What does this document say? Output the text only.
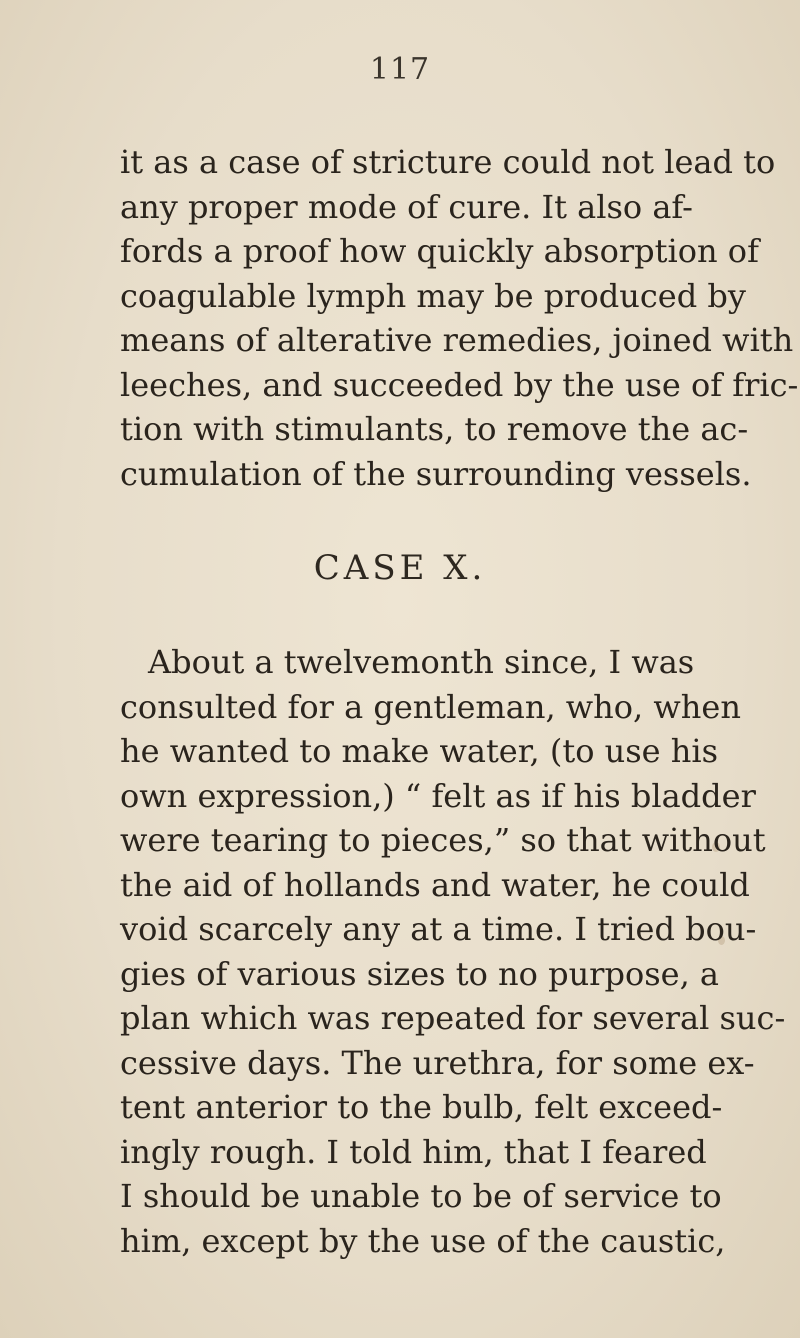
117
it as a case of stricture could not lead to
any proper mode of cure. It also af-
fords a proof how quickly absorption of
coagulable lymph may be produced by
means of alterative remedies, joined with
leeches, and succeeded by the use of fric-
tion with stimulants, to remove the ac-
cumulation of the surrounding vessels.
CASE X.
About a twelvemonth since, I was
consulted for a gentleman, who, when
he wanted to make water, (to use his
own expression,) “ felt as if his bladder
were tearing to pieces,” so that without
the aid of hollands and water, he could
void scarcely any at a time. I tried bou-
gies of various sizes to no purpose, a
plan which was repeated for several suc-
cessive days. The urethra, for some ex-
tent anterior to the bulb, felt exceed-
ingly rough. I told him, that I feared
I should be unable to be of service to
him, except by the use of the caustic,
